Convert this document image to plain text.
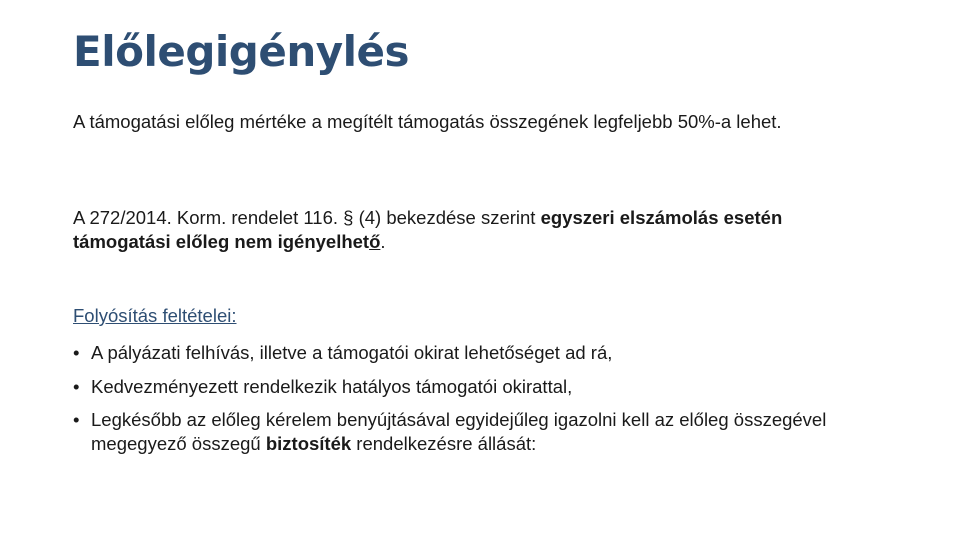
Előlegigénylés

A támogatási előleg mértéke a megítélt támogatás összegének legfeljebb 50%-a lehet.

A 272/2014. Korm. rendelet 116. § (4) bekezdése szerint egyszeri elszámolás esetén támogatási előleg nem igényelhető.

Folyósítás feltételei:

• A pályázati felhívás, illetve a támogatói okirat lehetőséget ad rá,
• Kedvezményezett rendelkezik hatályos támogatói okirattal,
• Legkésőbb az előleg kérelem benyújtásával egyidejűleg igazolni kell az előleg összegével megegyező összegű biztosíték rendelkezésre állását:
